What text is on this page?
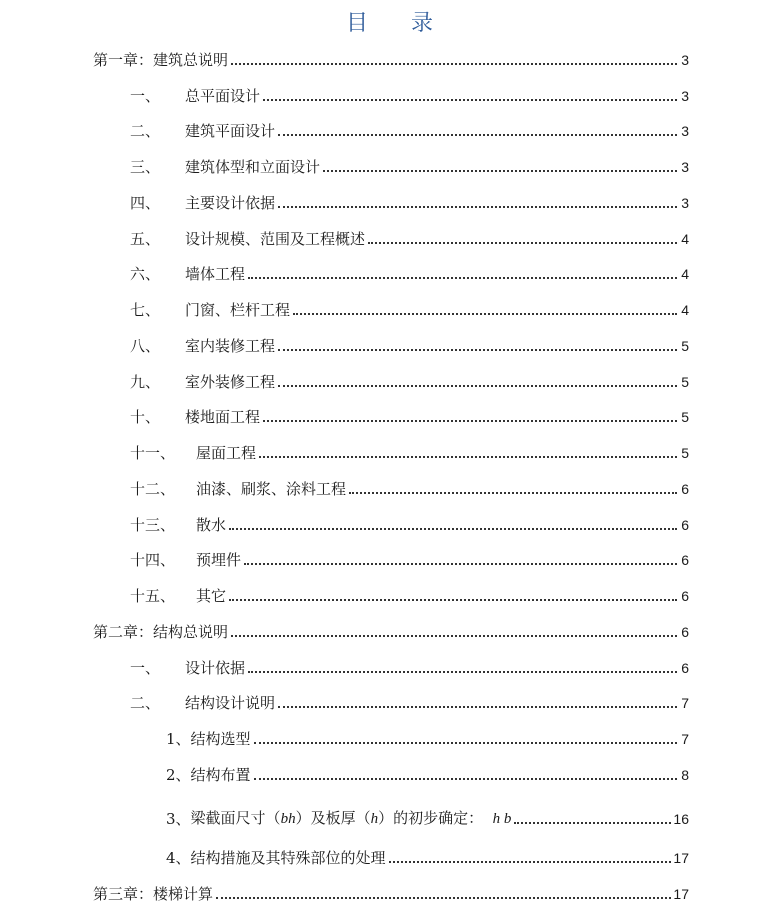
目 录
第一章： 建筑总说明	3
一、	总平面设计	3
二、	建筑平面设计	3
三、	建筑体型和立面设计	3
四、	主要设计依据	3
五、	设计规模、范围及工程概述	4
六、	墙体工程	4
七、	门窗、栏杆工程	4
八、	室内装修工程	5
九、	室外装修工程	5
十、	楼地面工程	5
十一、	屋面工程	5
十二、	油漆、刷浆、涂料工程	6
十三、	散水	6
十四、	预埋件	6
十五、	其它	6
第二章： 结构总说明	6
一、	设计依据	6
二、	结构设计说明	7
1、 结构选型	7
2、 结构布置	8
3、 梁截面尺寸（bh）及板厚（h）的初步确定： h b	16
4、 结构措施及其特殊部位的处理	17
第三章： 楼梯计算	17
